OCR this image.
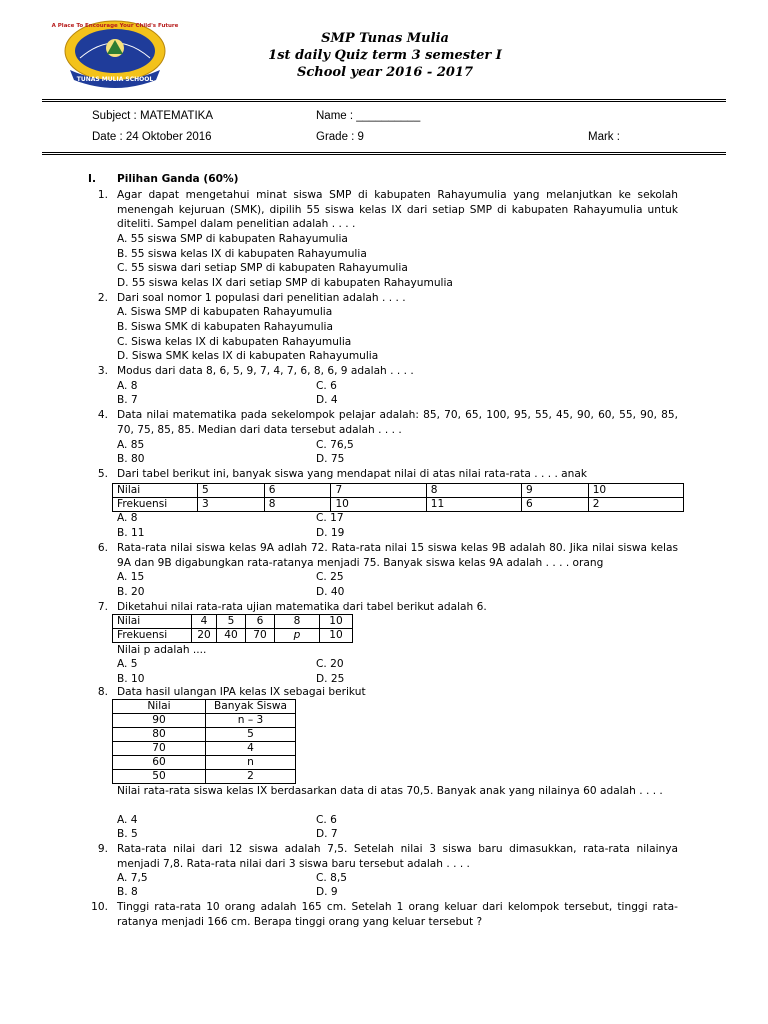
TUNAS MULIA SCHOOL
A Place To Encourage Your Child's Future
SMP Tunas Mulia
1st daily Quiz term 3 semester I
School year 2016 - 2017
Subject : MATEMATIKA	Name : __________
Date : 24 Oktober 2016	Grade : 9	Mark :
I. Pilihan Ganda (60%)
1. Agar dapat mengetahui minat siswa SMP di kabupaten Rahayumulia yang melanjutkan ke sekolah menengah kejuruan (SMK), dipilih 55 siswa kelas IX dari setiap SMP di kabupaten Rahayumulia untuk diteliti. Sampel dalam penelitian adalah . . . .
A. 55 siswa SMP di kabupaten Rahayumulia
B. 55 siswa kelas IX di kabupaten Rahayumulia
C. 55 siswa dari setiap SMP di kabupaten Rahayumulia
D. 55 siswa kelas IX dari setiap SMP di kabupaten Rahayumulia
2. Dari soal nomor 1 populasi dari penelitian adalah . . . .
A. Siswa SMP di kabupaten Rahayumulia
B. Siswa SMK di kabupaten Rahayumulia
C. Siswa kelas IX di kabupaten Rahayumulia
D. Siswa SMK kelas IX di kabupaten Rahayumulia
3. Modus dari data 8, 6, 5, 9, 7, 4, 7, 6, 8, 6, 9 adalah . . . .
A. 8	C. 6
B. 7	D. 4
4. Data nilai matematika pada sekelompok pelajar adalah: 85, 70, 65, 100, 95, 55, 45, 90, 60, 55, 90, 85, 70, 75, 85, 85. Median dari data tersebut adalah . . . .
A. 85	C. 76,5
B. 80	D. 75
5. Dari tabel berikut ini, banyak siswa yang mendapat nilai di atas nilai rata-rata . . . . anak
Nilai	5	6	7	8	9	10
Frekuensi	3	8	10	11	6	2
A. 8	C. 17
B. 11	D. 19
6. Rata-rata nilai siswa kelas 9A adlah 72. Rata-rata nilai 15 siswa kelas 9B adalah 80. Jika nilai siswa kelas 9A dan 9B digabungkan rata-ratanya menjadi 75. Banyak siswa kelas 9A adalah . . . . orang
A. 15	C. 25
B. 20	D. 40
7. Diketahui nilai rata-rata ujian matematika dari tabel berikut adalah 6.
Nilai	4	5	6	8	10
Frekuensi	20	40	70	p	10
Nilai p adalah ....
A. 5	C. 20
B. 10	D. 25
8. Data hasil ulangan IPA kelas IX sebagai berikut
Nilai	Banyak Siswa
90	n – 3
80	5
70	4
60	n
50	2
Nilai rata-rata siswa kelas IX berdasarkan data di atas 70,5. Banyak anak yang nilainya 60 adalah . . . .
A. 4	C. 6
B. 5	D. 7
9. Rata-rata nilai dari 12 siswa adalah 7,5. Setelah nilai 3 siswa baru dimasukkan, rata-rata nilainya menjadi 7,8. Rata-rata nilai dari 3 siswa baru tersebut adalah . . . .
A. 7,5	C. 8,5
B. 8	D. 9
10. Tinggi rata-rata 10 orang adalah 165 cm. Setelah 1 orang keluar dari kelompok tersebut, tinggi rata-ratanya menjadi 166 cm. Berapa tinggi orang yang keluar tersebut ?
